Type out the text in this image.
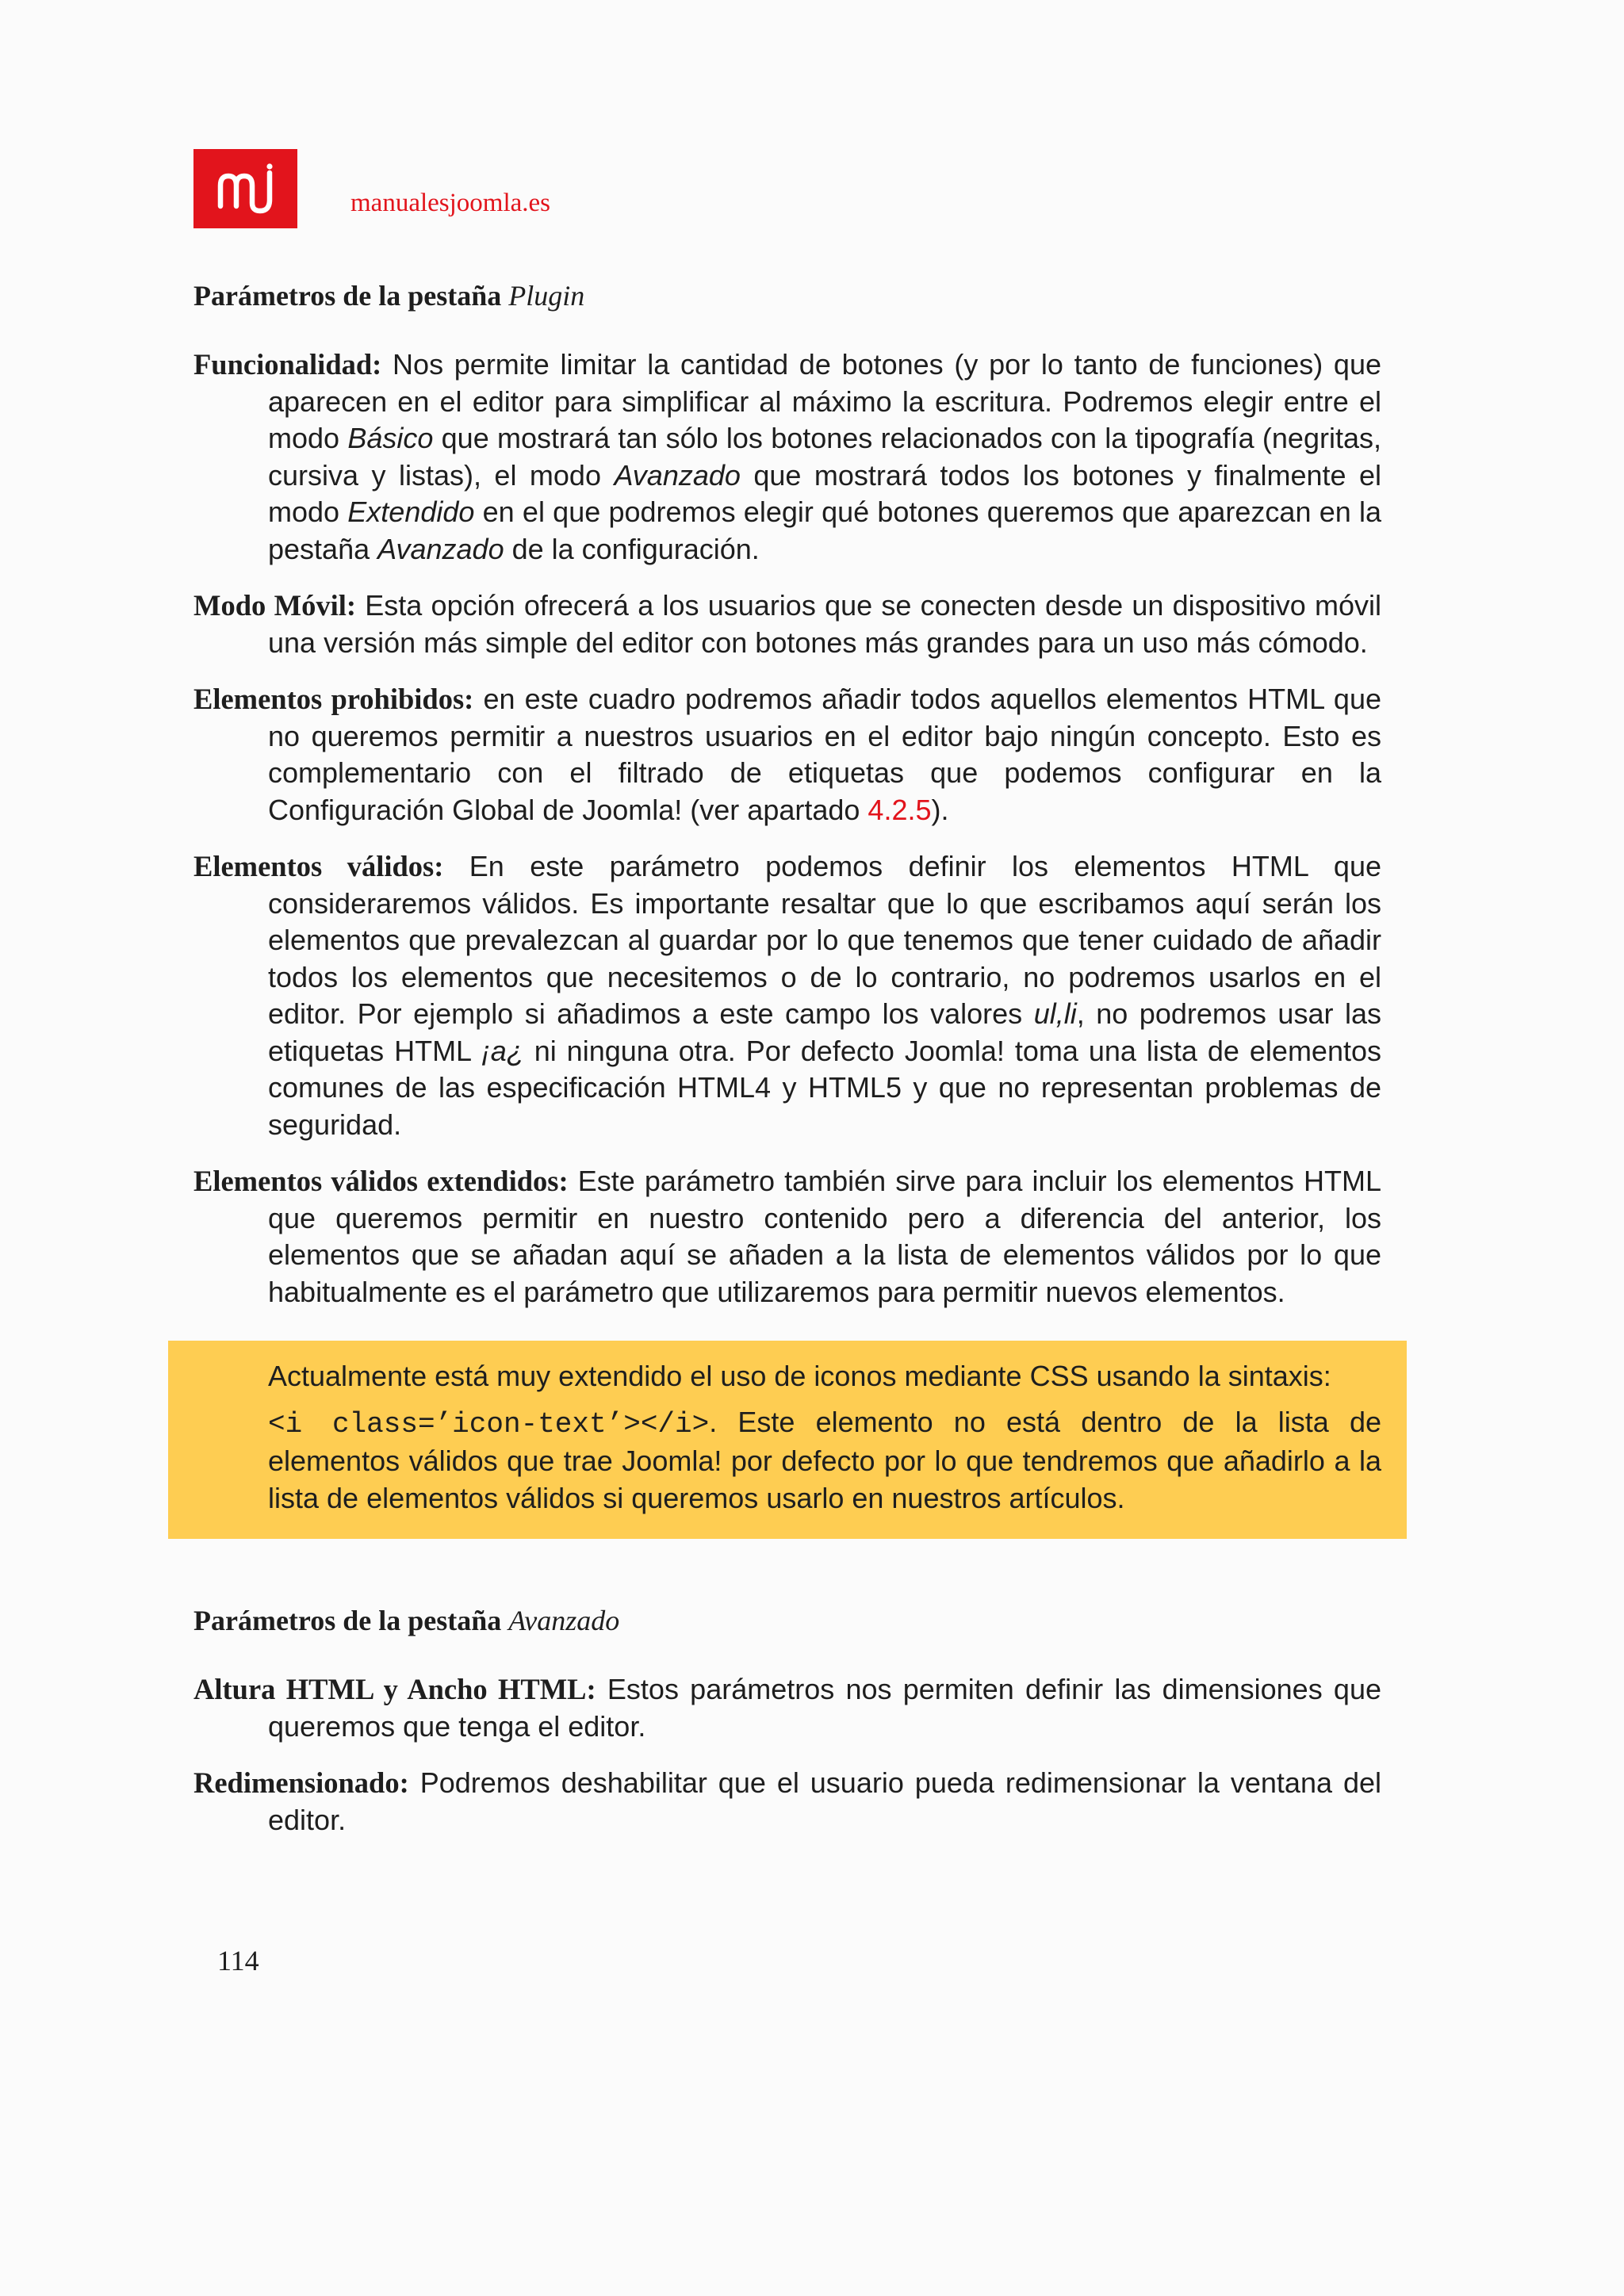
manualesjoomla.es
Parámetros de la pestaña Plugin

Funcionalidad: Nos permite limitar la cantidad de botones (y por lo tanto de funciones) que aparecen en el editor para simplificar al máximo la escritura. Podremos elegir entre el modo Básico que mostrará tan sólo los botones relacionados con la tipografía (negritas, cursiva y listas), el modo Avanzado que mostrará todos los botones y finalmente el modo Extendido en el que podremos elegir qué botones queremos que aparezcan en la pestaña Avanzado de la configuración.

Modo Móvil: Esta opción ofrecerá a los usuarios que se conecten desde un dispositivo móvil una versión más simple del editor con botones más grandes para un uso más cómodo.

Elementos prohibidos: en este cuadro podremos añadir todos aquellos elementos HTML que no queremos permitir a nuestros usuarios en el editor bajo ningún concepto. Esto es complementario con el filtrado de etiquetas que podemos configurar en la Configuración Global de Joomla! (ver apartado 4.2.5).

Elementos válidos: En este parámetro podemos definir los elementos HTML que consideraremos válidos. Es importante resaltar que lo que escribamos aquí serán los elementos que prevalezcan al guardar por lo que tenemos que tener cuidado de añadir todos los elementos que necesitemos o de lo contrario, no podremos usarlos en el editor. Por ejemplo si añadimos a este campo los valores ul,li, no podremos usar las etiquetas HTML ¡a¿ ni ninguna otra. Por defecto Joomla! toma una lista de elementos comunes de las especificación HTML4 y HTML5 y que no representan problemas de seguridad.

Elementos válidos extendidos: Este parámetro también sirve para incluir los elementos HTML que queremos permitir en nuestro contenido pero a diferencia del anterior, los elementos que se añadan aquí se añaden a la lista de elementos válidos por lo que habitualmente es el parámetro que utilizaremos para permitir nuevos elementos.

Actualmente está muy extendido el uso de iconos mediante CSS usando la sintaxis:

<i class=’icon-text’></i>. Este elemento no está dentro de la lista de elementos válidos que trae Joomla! por defecto por lo que tendremos que añadirlo a la lista de elementos válidos si queremos usarlo en nuestros artículos.

Parámetros de la pestaña Avanzado

Altura HTML y Ancho HTML: Estos parámetros nos permiten definir las dimensiones que queremos que tenga el editor.

Redimensionado: Podremos deshabilitar que el usuario pueda redimensionar la ventana del editor.

114
